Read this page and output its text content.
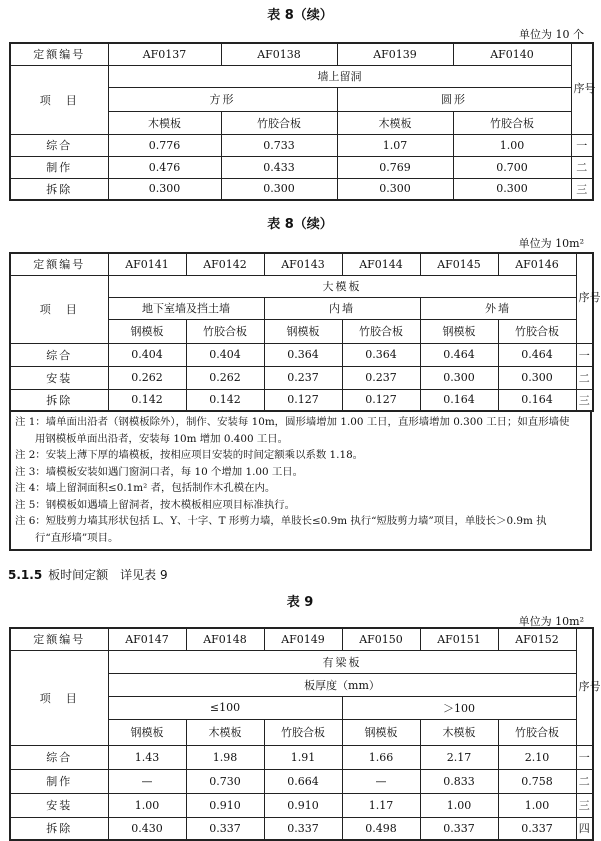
表 8（续）
单位为 10 个
定额编号	AF0137	AF0138	AF0139	AF0140	序号
项　目	墙上留洞				
	方形		圆形		
	木模板	竹胶合板	木模板	竹胶合板	
综合	0.776	0.733	1.07	1.00	一
制作	0.476	0.433	0.769	0.700	二
拆除	0.300	0.300	0.300	0.300	三
表 8（续）
单位为 10m²
定额编号	AF0141	AF0142	AF0143	AF0144	AF0145	AF0146	序号
项　目	大模板						
	地下室墙及挡土墙		内墙		外墙		
	钢模板	竹胶合板	钢模板	竹胶合板	钢模板	竹胶合板	
综合	0.404	0.404	0.364	0.364	0.464	0.464	一
安装	0.262	0.262	0.237	0.237	0.300	0.300	二
拆除	0.142	0.142	0.127	0.127	0.164	0.164	三
注 1：墙单面出沿者（钢模板除外），制作、安装每 10m，圆形墙增加 1.00 工日，直形墙增加 0.300 工日；如直形墙使
用钢模板单面出沿者，安装每 10m 增加 0.400 工日。
注 2：安装上薄下厚的墙模板，按相应项目安装的时间定额乘以系数 1.18。
注 3：墙模板安装如遇门窗洞口者，每 10 个增加 1.00 工日。
注 4：墙上留洞面积≤0.1m² 者，包括制作木孔模在内。
注 5：钢模板如遇墙上留洞者，按木模板相应项目标准执行。
注 6：短肢剪力墙其形状包括 L、Y、十字、T 形剪力墙，单肢长≤0.9m 执行“短肢剪力墙”项目，单肢长＞0.9m 执
行“直形墙”项目。
5.1.5 板时间定额　详见表 9
表 9
单位为 10m²
定额编号	AF0147	AF0148	AF0149	AF0150	AF0151	AF0152	序号
项　目	有梁板						
	板厚度（mm）						
	≤100			＞100			
	钢模板	木模板	竹胶合板	钢模板	木模板	竹胶合板	
综合	1.43	1.98	1.91	1.66	2.17	2.10	一
制作	—	0.730	0.664	—	0.833	0.758	二
安装	1.00	0.910	0.910	1.17	1.00	1.00	三
拆除	0.430	0.337	0.337	0.498	0.337	0.337	四
